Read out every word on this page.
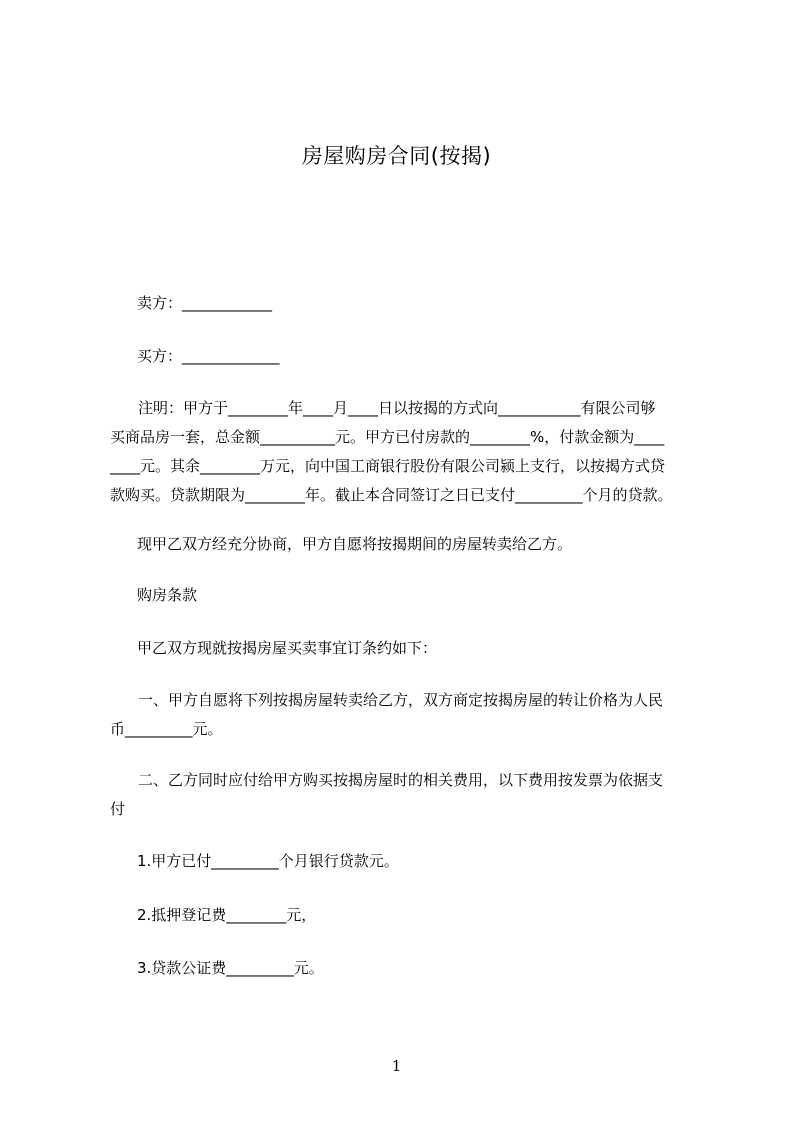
房屋购房合同(按揭)
卖方：____________
买方：_____________
注明：甲方于________年____月____日以按揭的方式向___________有限公司够
买商品房一套，总金额__________元。甲方已付房款的________%，付款金额为____
____元。其余________万元，向中国工商银行股份有限公司颍上支行，以按揭方式贷
款购买。贷款期限为________年。截止本合同签订之日已支付_________个月的贷款。
现甲乙双方经充分协商，甲方自愿将按揭期间的房屋转卖给乙方。
购房条款
甲乙双方现就按揭房屋买卖事宜订条约如下：
一、甲方自愿将下列按揭房屋转卖给乙方，双方商定按揭房屋的转让价格为人民
币_________元。
二、乙方同时应付给甲方购买按揭房屋时的相关费用，以下费用按发票为依据支
付
1.甲方已付_________个月银行贷款元。
2.抵押登记费________元，
3.贷款公证费_________元。
1
